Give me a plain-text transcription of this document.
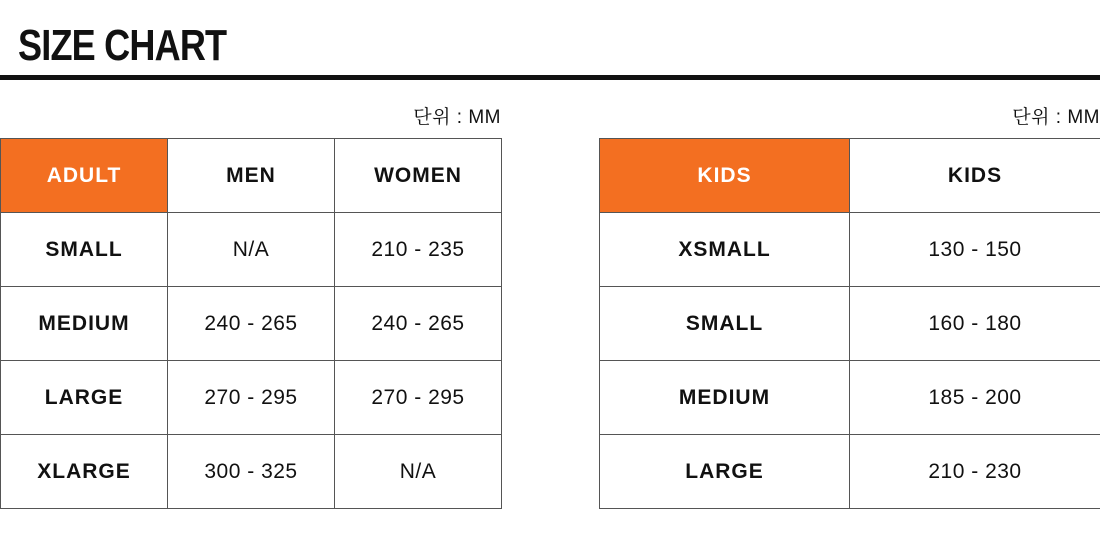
SIZE CHART
단위 : MM	단위 : MM
ADULT	MEN	WOMEN
SMALL	N/A	210 - 235
MEDIUM	240 - 265	240 - 265
LARGE	270 - 295	270 - 295
XLARGE	300 - 325	N/A
KIDS	KIDS
XSMALL	130 - 150
SMALL	160 - 180
MEDIUM	185 - 200
LARGE	210 - 230
